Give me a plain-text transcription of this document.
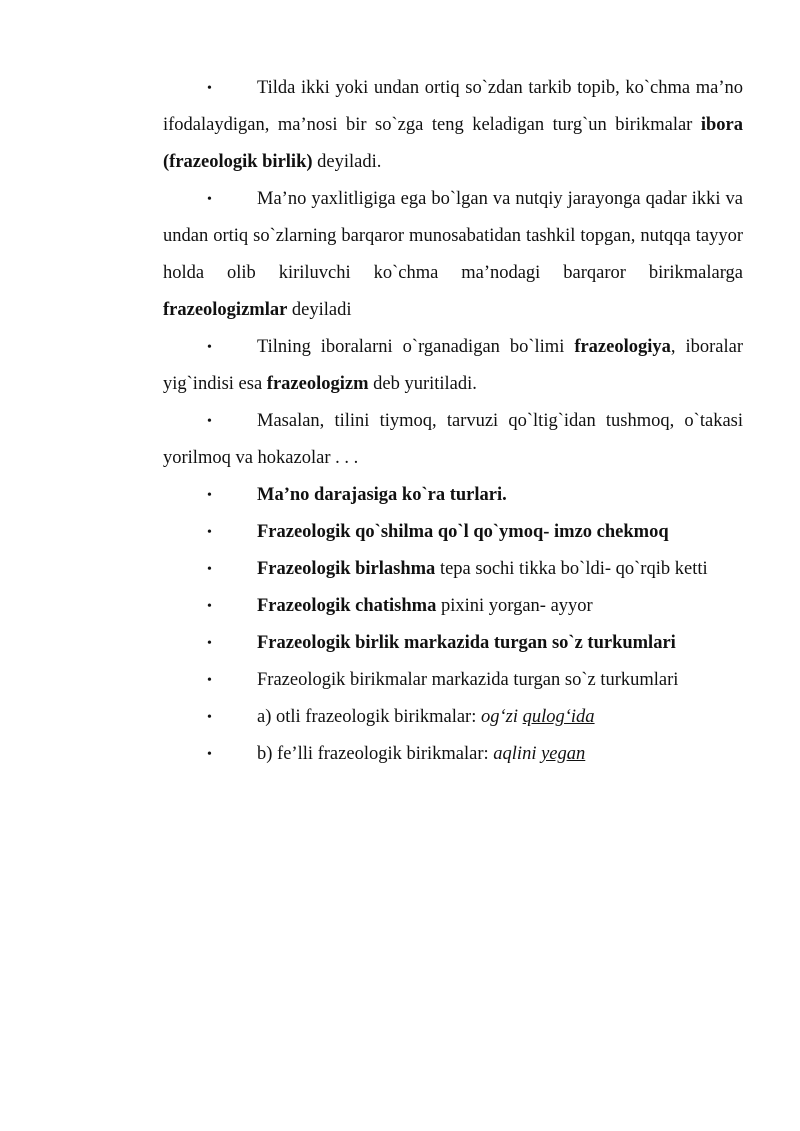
• Tilda ikki yoki undan ortiq so`zdan tarkib topib, ko`chma ma’no ifodalaydigan, ma’nosi bir so`zga teng keladigan turg`un birikmalar ibora (frazeologik birlik) deyiladi.

• Ma’no yaxlitligiga ega bo`lgan va nutqiy jarayonga qadar ikki va undan ortiq so`zlarning barqaror munosabatidan tashkil topgan, nutqqa tayyor holda olib kiriluvchi ko`chma ma’nodagi barqaror birikmalarga frazeologizmlar deyiladi

• Tilning iboralarni o`rganadigan bo`limi frazeologiya, iboralar yig`indisi esa frazeologizm deb yuritiladi.

• Masalan, tilini tiymoq, tarvuzi qo`ltig`idan tushmoq, o`takasi yorilmoq va hokazolar . . .

• Ma’no darajasiga ko`ra turlari.

• Frazeologik qo`shilma qo`l qo`ymoq- imzo chekmoq

• Frazeologik birlashma tepa sochi tikka bo`ldi- qo`rqib ketti

• Frazeologik chatishma pixini yorgan- ayyor

• Frazeologik birlik markazida turgan so`z turkumlari

• Frazeologik birikmalar markazida turgan so`z turkumlari

• a) otli frazeologik birikmalar: og‘zi qulog‘ida

• b) fe’lli frazeologik birikmalar: aqlini yegan
